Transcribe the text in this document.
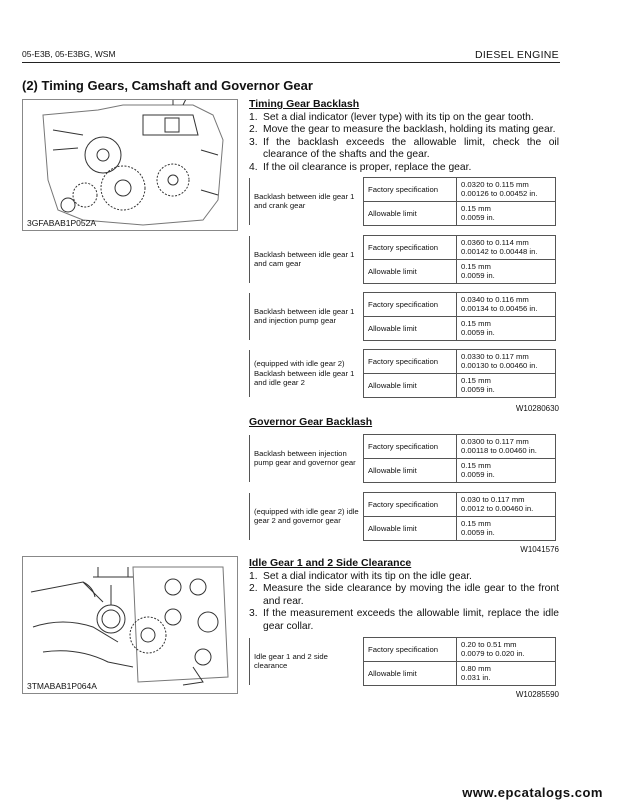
05-E3B, 05-E3BG, WSM	DIESEL ENGINE
(2) Timing Gears, Camshaft and Governor Gear
3GFABAB1P052A
Timing Gear Backlash
1. Set a dial indicator (lever type) with its tip on the gear tooth.
2. Move the gear to measure the backlash, holding its mating gear.
3. If the backlash exceeds the allowable limit, check the oil clearance of the shafts and the gear.
4. If the oil clearance is proper, replace the gear.
Backlash between idle gear 1 and crank gear	Factory specification	0.0320 to 0.115 mm
0.00126 to 0.00452 in.
	Allowable limit	0.15 mm
0.0059 in.
Backlash between idle gear 1 and cam gear	Factory specification	0.0360 to 0.114 mm
0.00142 to 0.00448 in.
	Allowable limit	0.15 mm
0.0059 in.
Backlash between idle gear 1 and injection pump gear	Factory specification	0.0340 to 0.116 mm
0.00134 to 0.00456 in.
	Allowable limit	0.15 mm
0.0059 in.
(equipped with idle gear 2) Backlash between idle gear 1 and idle gear 2	Factory specification	0.0330 to 0.117 mm
0.00130 to 0.00460 in.
	Allowable limit	0.15 mm
0.0059 in.
W10280630
Governor Gear Backlash
Backlash between injection pump gear and governor gear	Factory specification	0.0300 to 0.117 mm
0.00118 to 0.00460 in.
	Allowable limit	0.15 mm
0.0059 in.
(equipped with idle gear 2) idle gear 2 and governor gear	Factory specification	0.030 to 0.117 mm
0.0012 to 0.00460 in.
	Allowable limit	0.15 mm
0.0059 in.
W1041576
3TMABAB1P064A
Idle Gear 1 and 2 Side Clearance
1. Set a dial indicator with its tip on the idle gear.
2. Measure the side clearance by moving the idle gear to the front and rear.
3. If the measurement exceeds the allowable limit, replace the idle gear collar.
Idle gear 1 and 2 side clearance	Factory specification	0.20 to 0.51 mm
0.0079 to 0.020 in.
	Allowable limit	0.80 mm
0.031 in.
W10285590
www.epcatalogs.com
